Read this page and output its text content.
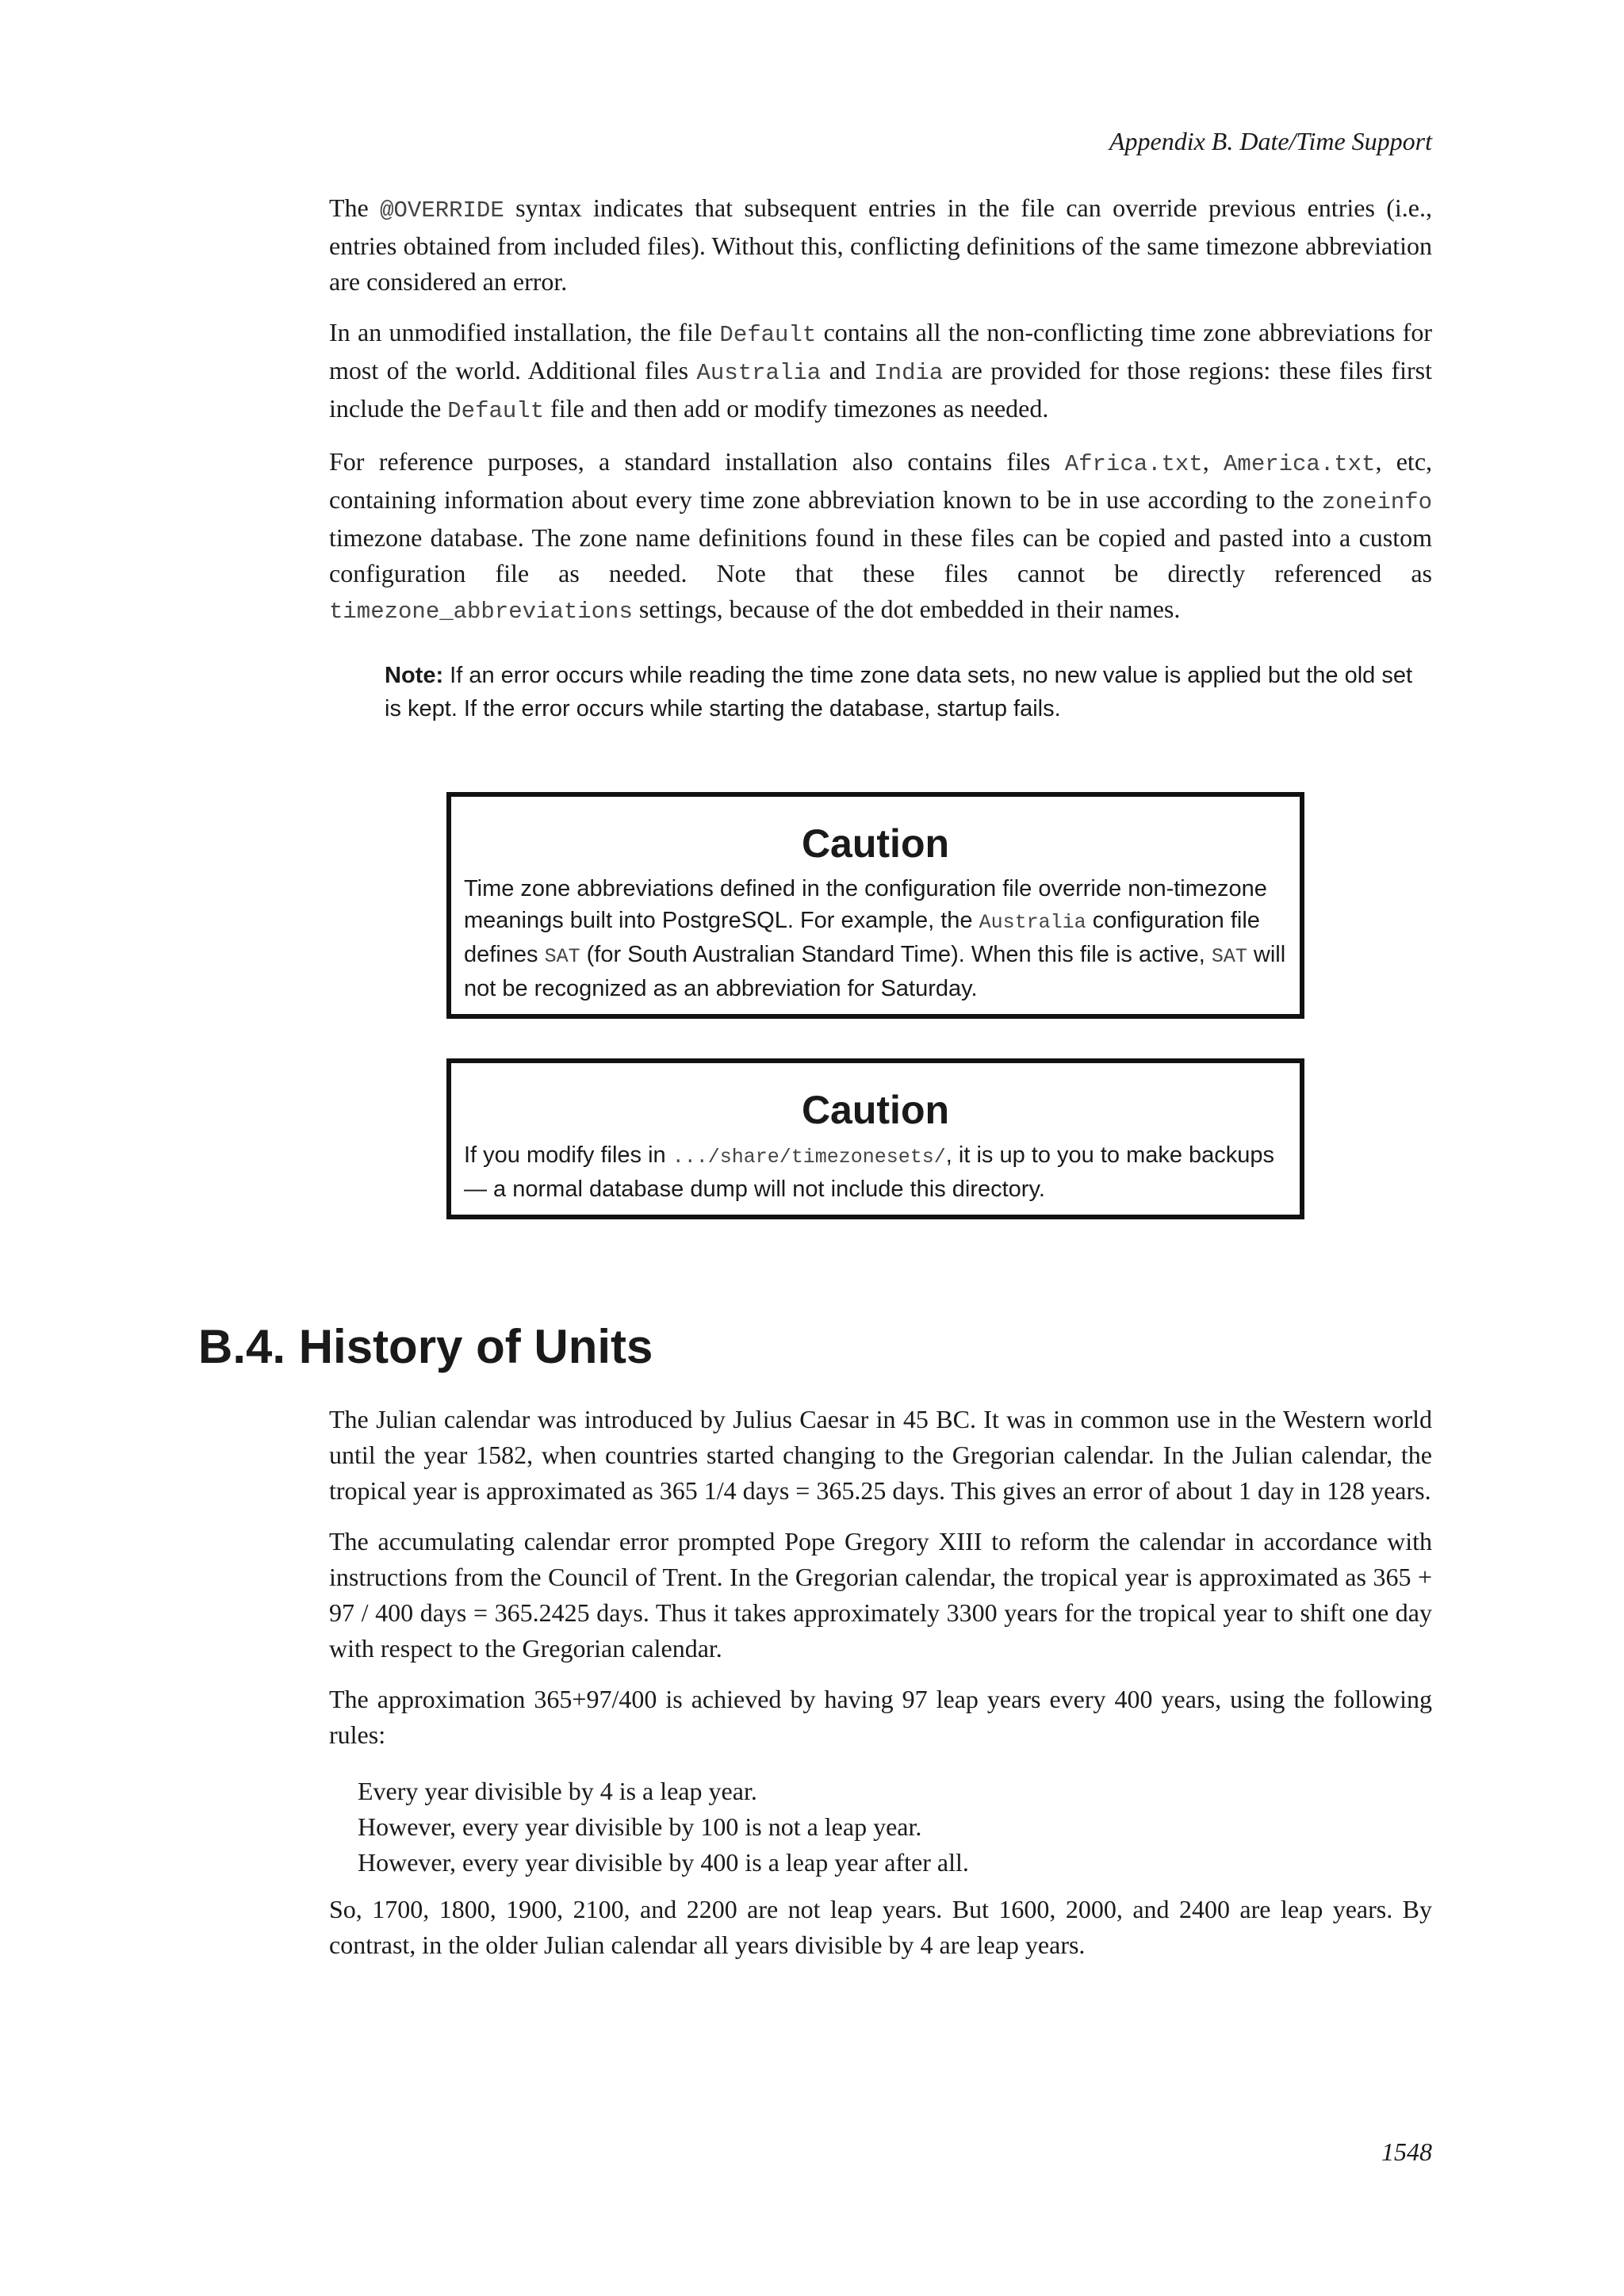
Appendix B. Date/Time Support

The @OVERRIDE syntax indicates that subsequent entries in the file can override previous entries (i.e., entries obtained from included files). Without this, conflicting definitions of the same timezone abbreviation are considered an error.

In an unmodified installation, the file Default contains all the non-conflicting time zone abbreviations for most of the world. Additional files Australia and India are provided for those regions: these files first include the Default file and then add or modify timezones as needed.

For reference purposes, a standard installation also contains files Africa.txt, America.txt, etc, containing information about every time zone abbreviation known to be in use according to the zoneinfo timezone database. The zone name definitions found in these files can be copied and pasted into a custom configuration file as needed. Note that these files cannot be directly referenced as timezone_abbreviations settings, because of the dot embedded in their names.

Note: If an error occurs while reading the time zone data sets, no new value is applied but the old set is kept. If the error occurs while starting the database, startup fails.
Caution
Time zone abbreviations defined in the configuration file override non-timezone meanings built into PostgreSQL. For example, the Australia configuration file defines SAT (for South Australian Standard Time). When this file is active, SAT will not be recognized as an abbreviation for Saturday.
Caution
If you modify files in .../share/timezonesets/, it is up to you to make backups — a normal database dump will not include this directory.
B.4. History of Units

The Julian calendar was introduced by Julius Caesar in 45 BC. It was in common use in the Western world until the year 1582, when countries started changing to the Gregorian calendar. In the Julian calendar, the tropical year is approximated as 365 1/4 days = 365.25 days. This gives an error of about 1 day in 128 years.

The accumulating calendar error prompted Pope Gregory XIII to reform the calendar in accordance with instructions from the Council of Trent. In the Gregorian calendar, the tropical year is approximated as 365 + 97 / 400 days = 365.2425 days. Thus it takes approximately 3300 years for the tropical year to shift one day with respect to the Gregorian calendar.

The approximation 365+97/400 is achieved by having 97 leap years every 400 years, using the following rules:

Every year divisible by 4 is a leap year.
However, every year divisible by 100 is not a leap year.
However, every year divisible by 400 is a leap year after all.

So, 1700, 1800, 1900, 2100, and 2200 are not leap years. But 1600, 2000, and 2400 are leap years. By contrast, in the older Julian calendar all years divisible by 4 are leap years.

1548
